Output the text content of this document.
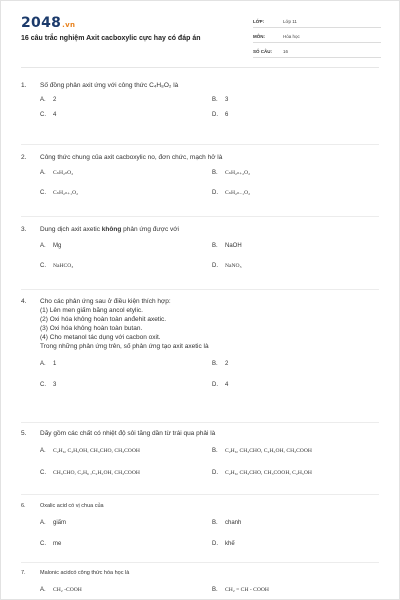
2048.vn
16 câu trắc nghiệm Axit cacboxylic cực hay có đáp án
LỚP:	Lớp 11
MÔN:	Hóa học
SỐ CÂU:	16
1.	Số đồng phân axit ứng với công thức C₄H₈O₂ là
A. 2	B. 3
C. 4	D. 6
2.	Công thức chung của axit cacboxylic no, đơn chức, mạch hở là
A. CₙH₂ₙO₂	B. CₙH₂ₙ₊₂O₂
C. CₙH₂ₙ₊₁O₂	D. CₙH₂ₙ₋₁O₂
3.	Dung dịch axit axetic không phản ứng được với
A. Mg	B. NaOH
C. NaHCO₃	D. NaNO₃
4.	Cho các phản ứng sau ở điều kiện thích hợp:
(1) Lên men giấm băng ancol etylic.
(2) Oxi hóa không hoàn toàn anđehit axetic.
(3) Oxi hóa không hoàn toàn butan.
(4) Cho metanol tác dụng với cacbon oxit.
Trong những phản ứng trên, số phản ứng tạo axit axetic là
A. 1	B. 2
C. 3	D. 4
5.	Dãy gồm các chất có nhiệt độ sôi tăng dần từ trái qua phải là
A. C₂H₆, C₂H₅OH, CH₃CHO, CH₃COOH	B. C₂H₆, CH₃CHO, C₂H₅OH, CH₃COOH
C. CH₃CHO, C₂H₆ ,C₂H₅OH, CH₃COOH	D. C₂H₆, CH₃CHO, CH₃COOH, C₂H₅OH
6.	Oxalic acid có vị chua của
A. giấm	B. chanh
C. me	D. khế
7.	Malonic acidcó công thức hóa học là
A. CH₂ -COOH	B. CH₂ = CH - COOH
